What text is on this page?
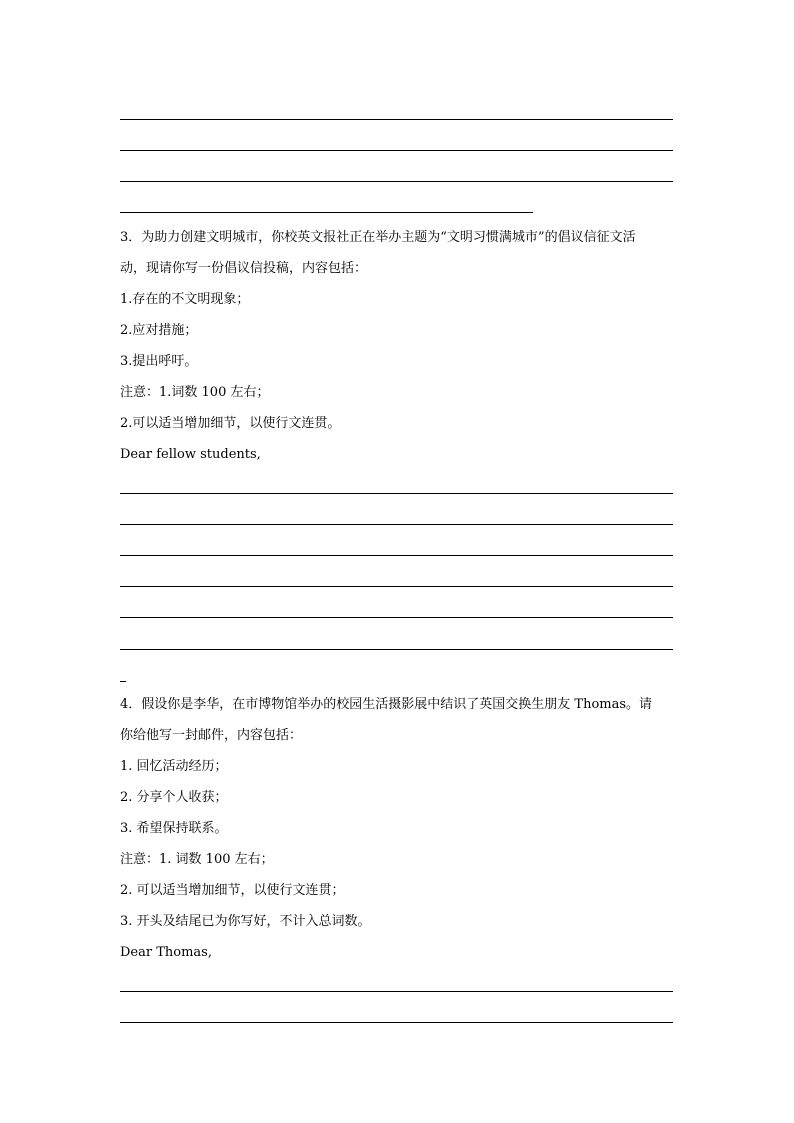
3．为助力创建文明城市，你校英文报社正在举办主题为“文明习惯满城市”的倡议信征文活
动，现请你写一份倡议信投稿，内容包括：
1.存在的不文明现象；
2.应对措施；
3.提出呼吁。
注意：1.词数 100 左右；
2.可以适当增加细节，以使行文连贯。
Dear fellow students,
4．假设你是李华，在市博物馆举办的校园生活摄影展中结识了英国交换生朋友 Thomas。请
你给他写一封邮件，内容包括：
1. 回忆活动经历；
2. 分享个人收获；
3. 希望保持联系。
注意：1. 词数 100 左右；
2. 可以适当增加细节，以使行文连贯；
3. 开头及结尾已为你写好，不计入总词数。
Dear Thomas,
